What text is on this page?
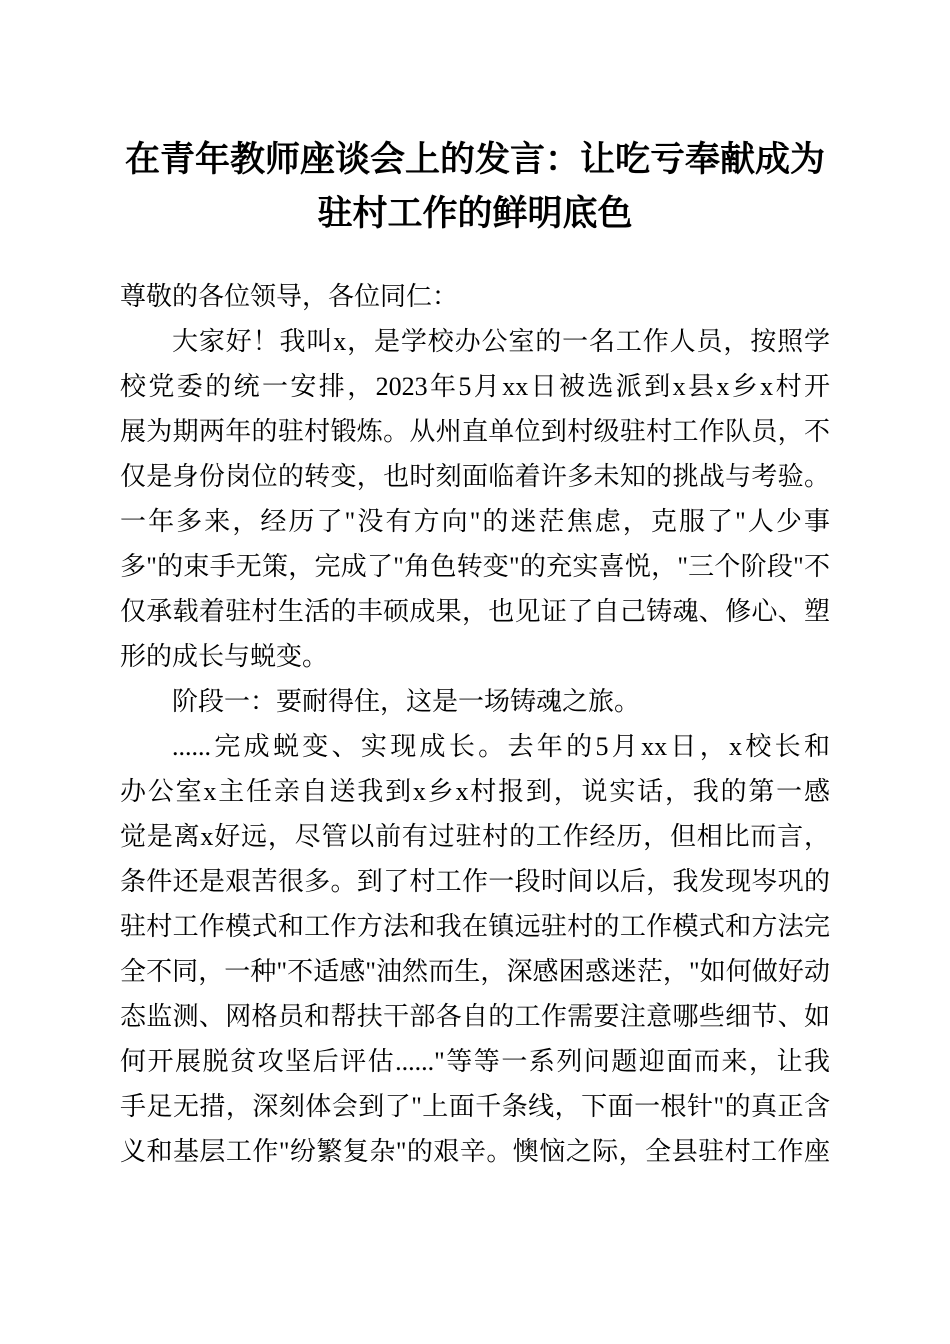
在青年教师座谈会上的发言：让吃亏奉献成为
驻村工作的鲜明底色
尊敬的各位领导，各位同仁：
大家好！我叫x，是学校办公室的一名工作人员，按照学
校党委的统一安排，2023年5月xx日被选派到x县x乡x村开
展为期两年的驻村锻炼。从州直单位到村级驻村工作队员，不
仅是身份岗位的转变，也时刻面临着许多未知的挑战与考验。
一年多来，经历了"没有方向"的迷茫焦虑，克服了"人少事
多"的束手无策，完成了"角色转变"的充实喜悦，"三个阶段"不
仅承载着驻村生活的丰硕成果，也见证了自己铸魂、修心、塑
形的成长与蜕变。
阶段一：要耐得住，这是一场铸魂之旅。
......完成蜕变、实现成长。去年的5月xx日，x校长和
办公室x主任亲自送我到x乡x村报到，说实话，我的第一感
觉是离x好远，尽管以前有过驻村的工作经历，但相比而言，
条件还是艰苦很多。到了村工作一段时间以后，我发现岑巩的
驻村工作模式和工作方法和我在镇远驻村的工作模式和方法完
全不同，一种"不适感"油然而生，深感困惑迷茫，"如何做好动
态监测、网格员和帮扶干部各自的工作需要注意哪些细节、如
何开展脱贫攻坚后评估......"等等一系列问题迎面而来，让我
手足无措，深刻体会到了"上面千条线，下面一根针"的真正含
义和基层工作"纷繁复杂"的艰辛。懊恼之际，全县驻村工作座
